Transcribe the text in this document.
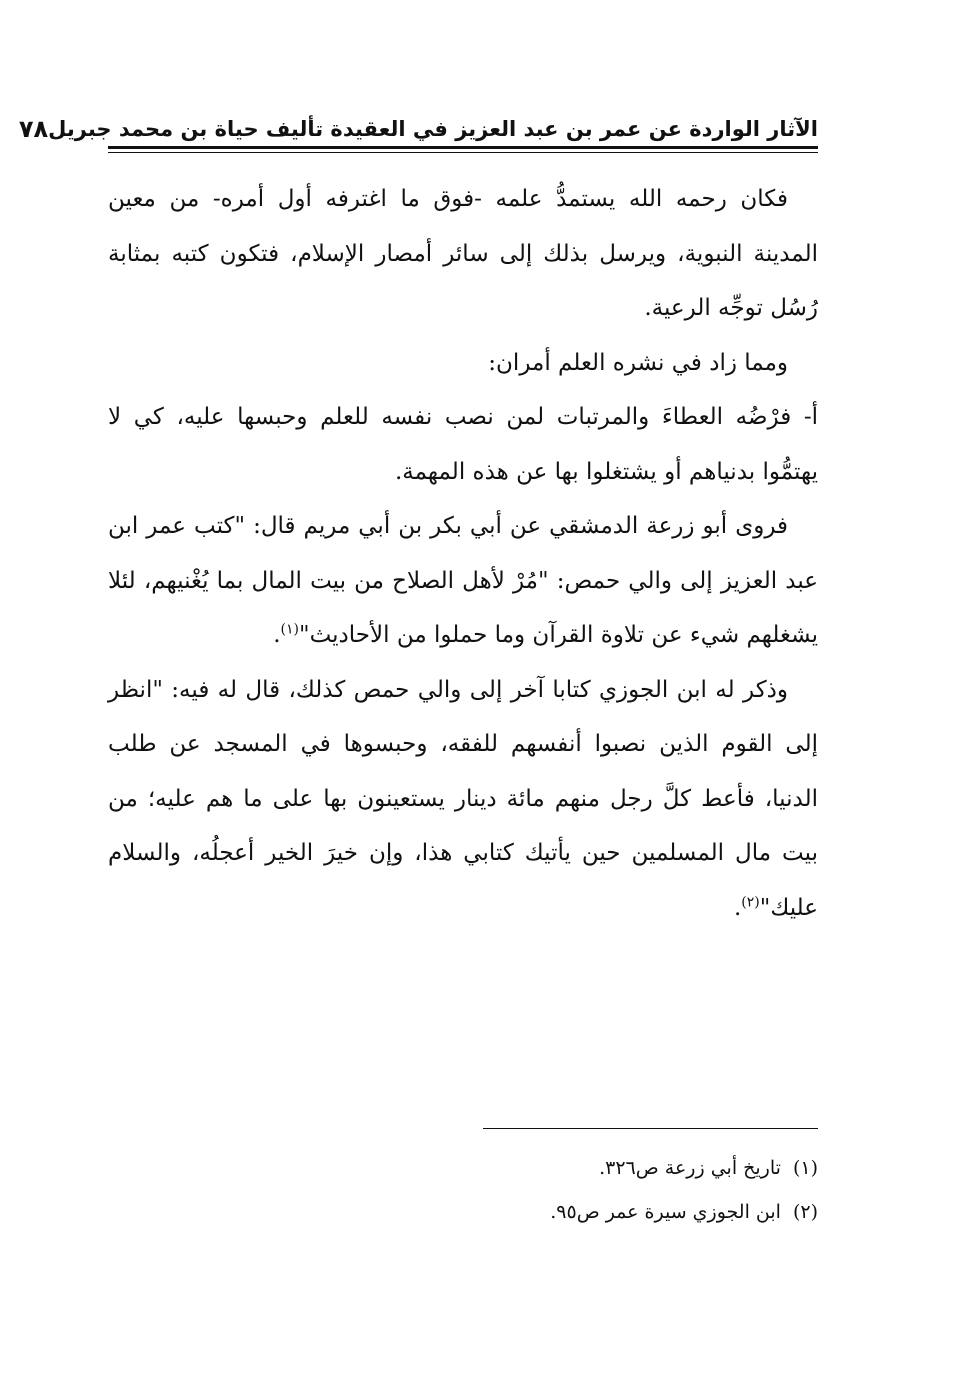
الآثار الواردة عن عمر بن عبد العزيز في العقيدة تأليف حياة بن محمد جبريل
٧٨

فكان رحمه الله يستمدُّ علمه -فوق ما اغترفه أول أمره- من معين المدينة النبوية، ويرسل بذلك إلى سائر أمصار الإسلام، فتكون كتبه بمثابة رُسُل توجِّه الرعية.

ومما زاد في نشره العلم أمران:

أ- فرْضُه العطاءَ والمرتبات لمن نصب نفسه للعلم وحبسها عليه، كي لا يهتمُّوا بدنياهم أو يشتغلوا بها عن هذه المهمة.

فروى أبو زرعة الدمشقي عن أبي بكر بن أبي مريم قال: "كتب عمر ابن عبد العزيز إلى والي حمص: "مُرْ لأهل الصلاح من بيت المال بما يُغْنيهم، لئلا يشغلهم شيء عن تلاوة القرآن وما حملوا من الأحاديث"$^{(١)}$.

وذكر له ابن الجوزي كتابا آخر إلى والي حمص كذلك، قال له فيه: "انظر إلى القوم الذين نصبوا أنفسهم للفقه، وحبسوها في المسجد عن طلب الدنيا، فأعط كلَّ رجل منهم مائة دينار يستعينون بها على ما هم عليه؛ من بيت مال المسلمين حين يأتيك كتابي هذا، وإن خيرَ الخير أعجلُه، والسلام عليك"$^{(٢)}$.

(١)تاريخ أبي زرعة ص٣٢٦.
(٢)ابن الجوزي سيرة عمر ص٩٥.
